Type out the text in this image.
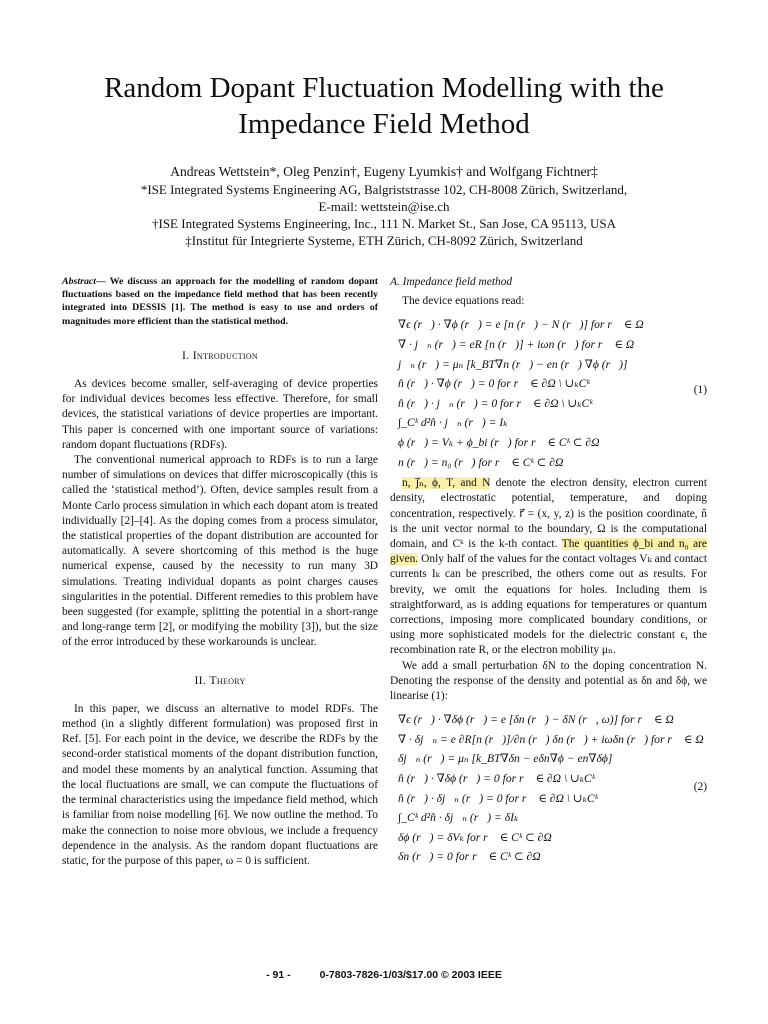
Random Dopant Fluctuation Modelling with the
Impedance Field Method
Andreas Wettstein*, Oleg Penzin†, Eugeny Lyumkis† and Wolfgang Fichtner‡
*ISE Integrated Systems Engineering AG, Balgriststrasse 102, CH-8008 Zürich, Switzerland,
E-mail: wettstein@ise.ch
†ISE Integrated Systems Engineering, Inc., 111 N. Market St., San Jose, CA 95113, USA
‡Institut für Integrierte Systeme, ETH Zürich, CH-8092 Zürich, Switzerland
Abstract— We discuss an approach for the modelling of random dopant fluctuations based on the impedance field method that has been recently integrated into DESSIS [1]. The method is easy to use and orders of magnitudes more efficient than the statistical method.
I. Introduction

As devices become smaller, self-averaging of device properties for individual devices becomes less effective. Therefore, for small devices, the statistical variations of device properties are important. This paper is concerned with one important source of variations: random dopant fluctuations (RDFs).

The conventional numerical approach to RDFs is to run a large number of simulations on devices that differ microscopically (this is called the ‘statistical method’). Often, device samples result from a Monte Carlo process simulation in which each dopant atom is treated individually [2]–[4]. As the doping comes from a process simulator, the statistical properties of the dopant distribution are accounted for automatically. A severe shortcoming of this method is the huge numerical expense, caused by the necessity to run many 3D simulations. Treating individual dopants as point charges causes singularities in the potential. Different remedies to this problem have been suggested (for example, splitting the potential in a short-range and long-range term [2], or modifying the mobility [3]), but the size of the error introduced by these workarounds is unclear.

II. Theory

In this paper, we discuss an alternative to model RDFs. The method (in a slightly different formulation) was proposed first in Ref. [5]. For each point in the device, we describe the RDFs by the second-order statistical moments of the dopant distribution function, and model these moments by an analytical function. Assuming that the local fluctuations are small, we can compute the fluctuations of the terminal characteristics using the impedance field method, which is familiar from noise modelling [6]. We now outline the method. To make the connection to noise more obvious, we include a frequency dependence in the analysis. As the random dopant fluctuations are static, for the purpose of this paper, ω = 0 is sufficient.

A. Impedance field method

The device equations read:

(1)
∇ϵ (r⃗) · ∇ϕ (r⃗) = e [n (r⃗) − N (r⃗)] for r⃗ ∈ Ω
∇ · j⃗ₙ (r⃗) = eR [n (r⃗)] + iωn (r⃗) for r⃗ ∈ Ω
j⃗ₙ (r⃗) = μₙ [k_BT∇n (r⃗) − en (r⃗) ∇ϕ (r⃗)]
n̂ (r⃗) · ∇ϕ (r⃗) = 0 for r⃗ ∈ ∂Ω \ ∪ₖCᵏ
n̂ (r⃗) · j⃗ₙ (r⃗) = 0 for r⃗ ∈ ∂Ω \ ∪ₖCᵏ
∫_Cᵏ d²n̂ · j⃗ₙ (r⃗) = Iₖ
ϕ (r⃗) = Vₖ + ϕ_bi (r⃗) for r⃗ ∈ Cᵏ ⊂ ∂Ω
n (r⃗) = n₀ (r⃗) for r⃗ ∈ Cᵏ ⊂ ∂Ω

n, j⃗ₙ, ϕ, T, and N denote the electron density, electron current density, electrostatic potential, temperature, and doping concentration, respectively. r⃗ = (x, y, z) is the position coordinate, n̂ is the unit vector normal to the boundary, Ω is the computational domain, and Cᵏ is the k-th contact. The quantities ϕ_bi and n₀ are given. Only half of the values for the contact voltages Vₖ and contact currents Iₖ can be prescribed, the others come out as results. For brevity, we omit the equations for holes. Including them is straightforward, as is adding equations for temperatures or quantum corrections, imposing more complicated boundary conditions, or using more sophisticated models for the dielectric constant ϵ, the recombination rate R, or the electron mobility μₙ.

We add a small perturbation δN to the doping concentration N. Denoting the response of the density and potential as δn and δϕ, we linearise (1):

(2)
∇ϵ (r⃗) · ∇δϕ (r⃗) = e [δn (r⃗) − δN (r⃗, ω)] for r⃗ ∈ Ω
∇ · δj⃗ₙ = e ∂R[n (r⃗)]/∂n (r⃗) δn (r⃗) + iωδn (r⃗) for r⃗ ∈ Ω
δj⃗ₙ (r⃗) = μₙ [k_BT∇δn − eδn∇ϕ − en∇δϕ]
n̂ (r⃗) · ∇δϕ (r⃗) = 0 for r⃗ ∈ ∂Ω \ ∪ₖCᵏ
n̂ (r⃗) · δj⃗ₙ (r⃗) = 0 for r⃗ ∈ ∂Ω \ ∪ₖCᵏ
∫_Cᵏ d²n̂ · δj⃗ₙ (r⃗) = δIₖ
δϕ (r⃗) = δVₖ for r⃗ ∈ Cᵏ ⊂ ∂Ω
δn (r⃗) = 0 for r⃗ ∈ Cᵏ ⊂ ∂Ω
- 91 -	0-7803-7826-1/03/$17.00 © 2003 IEEE
